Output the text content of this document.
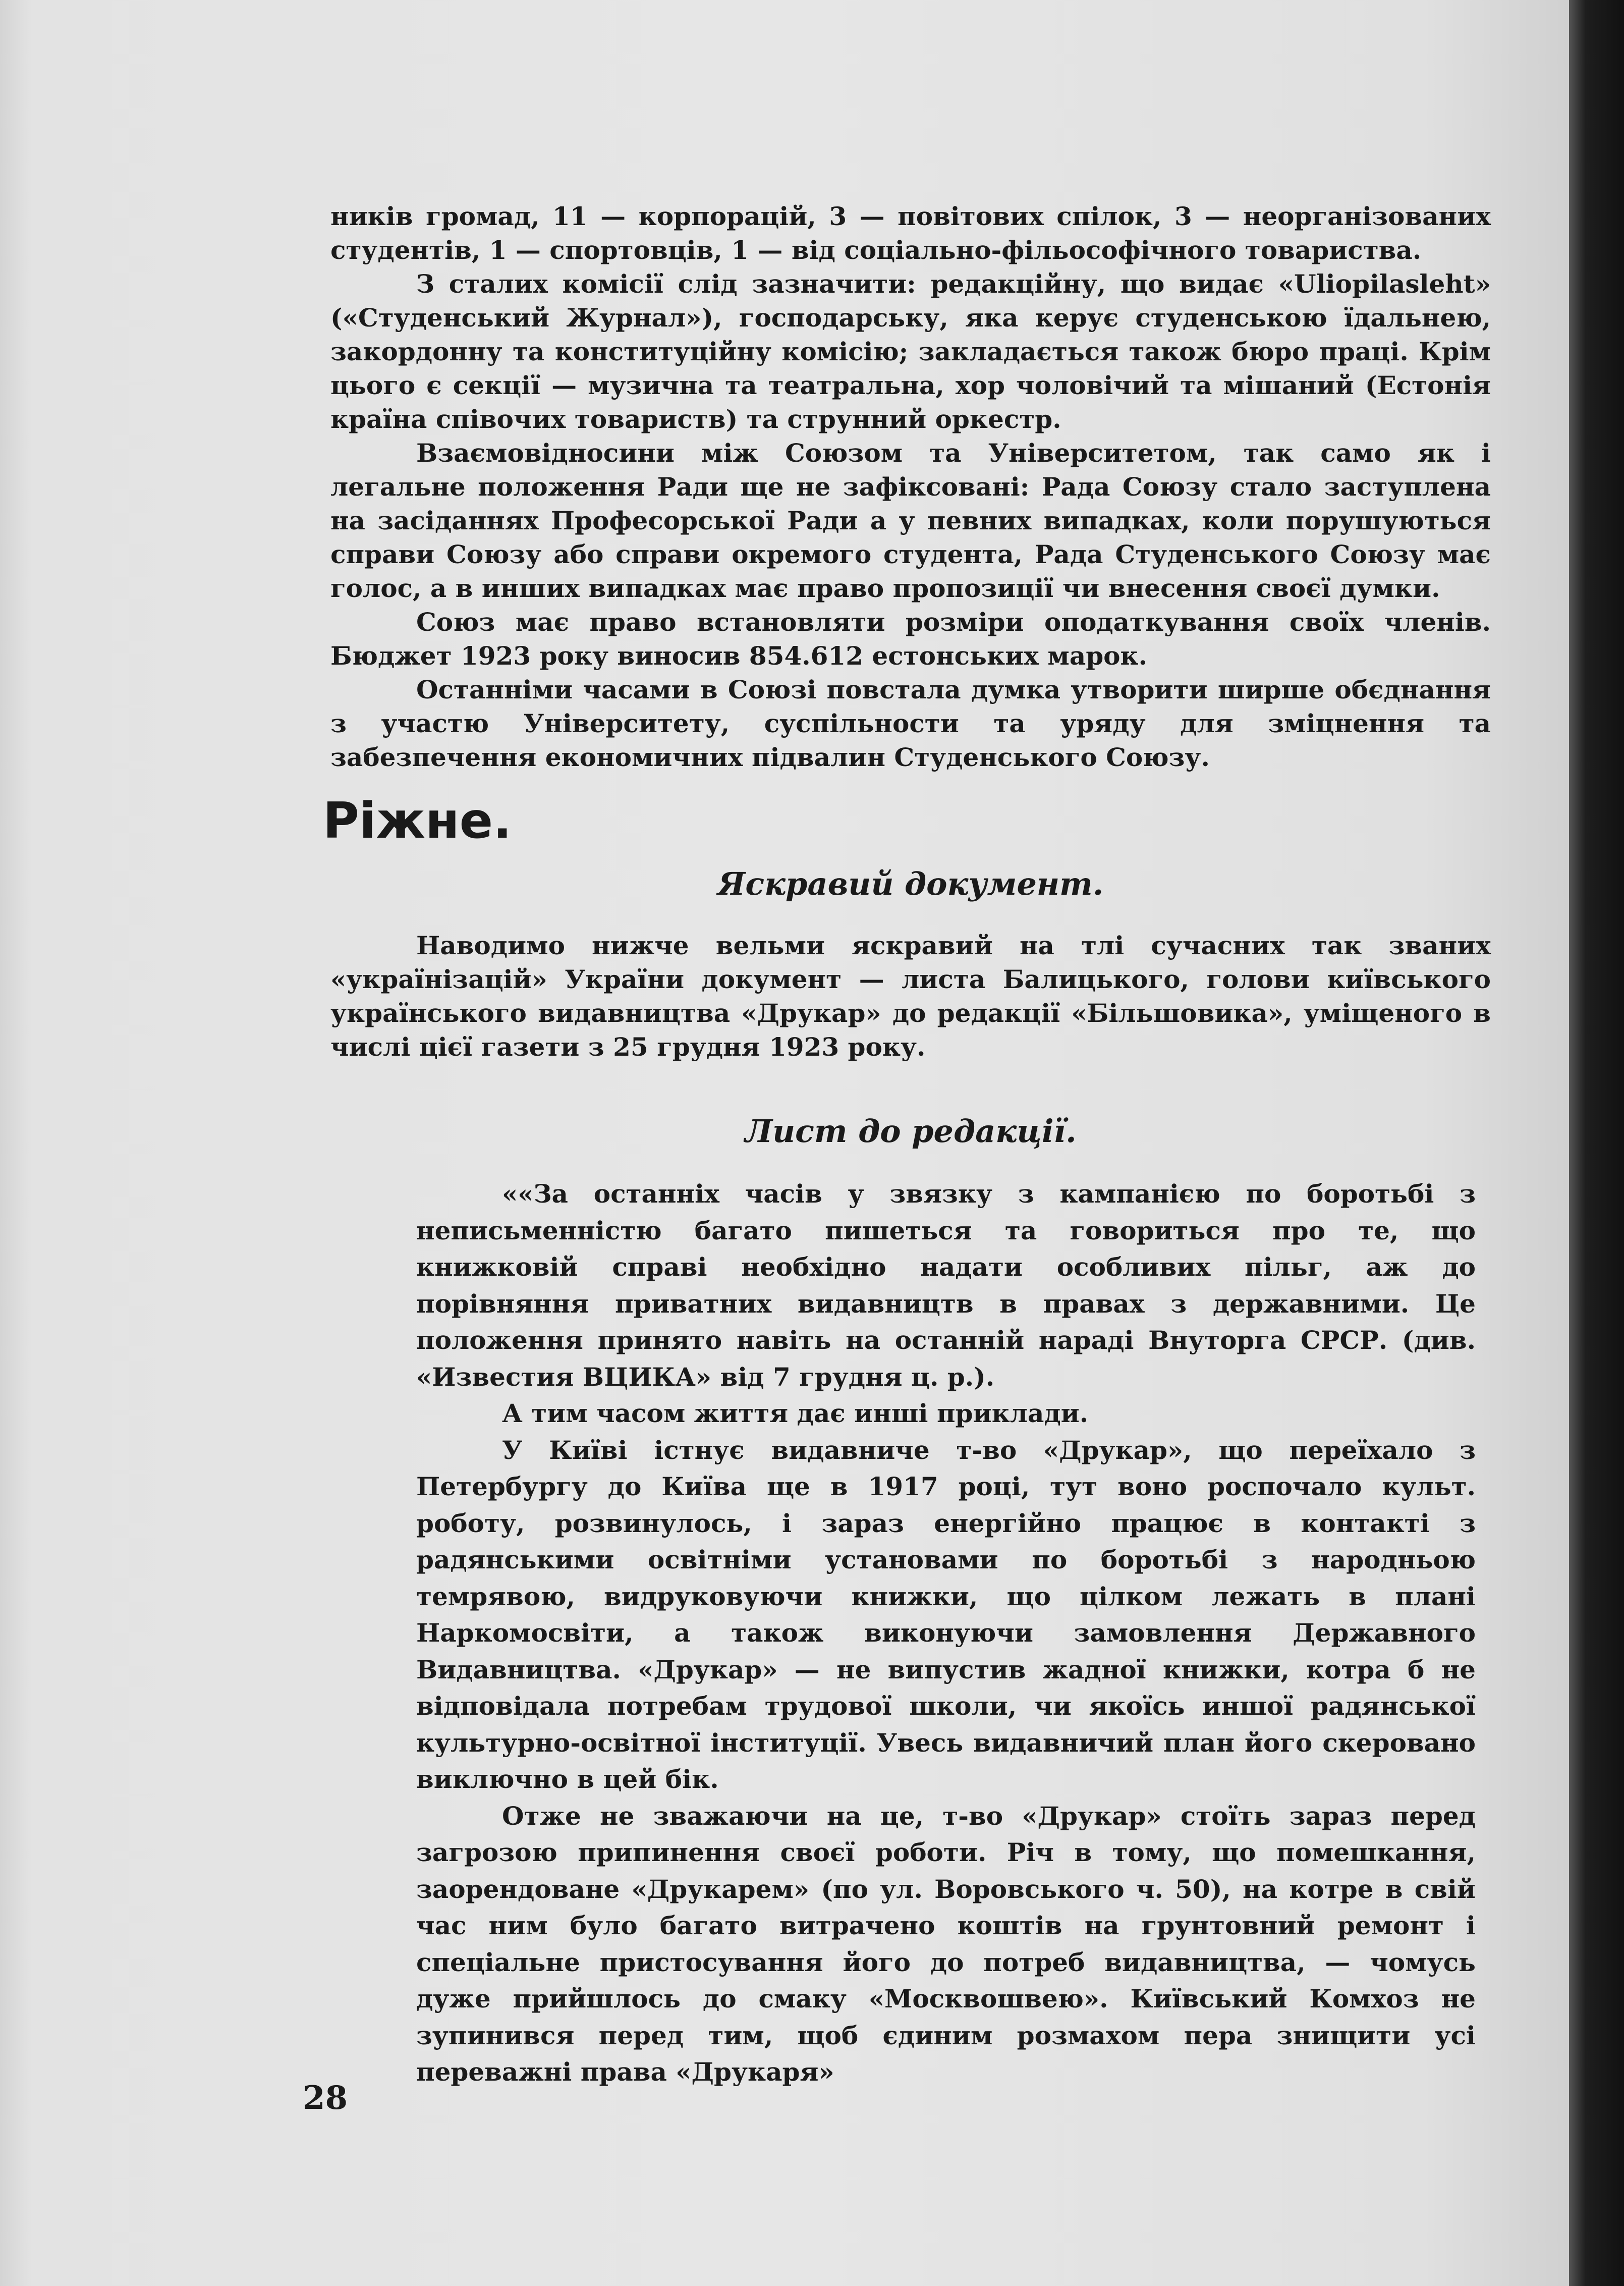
ників громад, 11 — корпорацій, 3 — повітових спілок, 3 — неорганізованих студентів, 1 — спортовців, 1 — від соціально-фільософічного товариства.

З сталих комісії слід зазначити: редакційну, що видає «Uliopilasleht» («Студенський Журнал»), господарську, яка керує студенською їдальнею, закордонну та конституційну комісію; закладається також бюро праці. Крім цього є секції — музична та театральна, хор чоловічий та мішаний (Естонія країна співочих товариств) та струнний оркестр.

Взаємовідносини між Союзом та Університетом, так само як і легальне положення Ради ще не зафіксовані: Рада Союзу стало заступлена на засіданнях Професорської Ради а у певних випадках, коли порушуються справи Союзу або справи окремого студента, Рада Студенського Союзу має голос, а в инших випадках має право пропозиції чи внесення своєї думки.

Союз має право встановляти розміри оподаткування своїх членів. Бюджет 1923 року виносив 854.612 естонських марок.

Останніми часами в Союзі повстала думка утворити ширше обєднання з участю Університету, суспільности та уряду для зміцнення та забезпечення економичних підвалин Студенського Союзу.

Ріжне.
Яскравий документ.

Наводимо нижче вельми яскравий на тлі сучасних так званих «українізацій» України документ — листа Балицького, голови київського українського видавництва «Друкар» до редакції «Більшовика», уміщеного в числі цієї газети з 25 грудня 1923 року.

Лист до редакції.

««За останніх часів у звязку з кампанією по боротьбі з неписьменністю багато пишеться та говориться про те, що книжковій справі необхідно надати особливих пільг, аж до порівняння приватних видавництв в правах з державними. Це положення принято навіть на останній нараді Внуторга СРСР. (див. «Известия ВЦИКА» від 7 грудня ц. р.).

А тим часом життя дає инші приклади.

У Київі істнує видавниче т-во «Друкар», що переїхало з Петербургу до Київа ще в 1917 році, тут воно роспочало культ. роботу, розвинулось, і зараз енергійно працює в контакті з радянськими освітніми установами по боротьбі з народньою темрявою, видруковуючи книжки, що цілком лежать в плані Наркомосвіти, а також виконуючи замовлення Державного Видавництва. «Друкар» — не випустив жадної книжки, котра б не відповідала потребам трудової школи, чи якоїсь иншої радянської культурно-освітної інституції. Увесь видавничий план його скеровано виключно в цей бік.

Отже не зважаючи на це, т-во «Друкар» стоїть зараз перед загрозою припинення своєї роботи. Річ в тому, що помешкання, заорендоване «Друкарем» (по ул. Воровського ч. 50), на котре в свій час ним було багато витрачено коштів на грунтовний ремонт і спеціальне пристосування його до потреб видавництва, — чомусь дуже прийшлось до смаку «Москвошвею». Київський Комхоз не зупинився перед тим, щоб єдиним розмахом пера знищити усі переважні права «Друкаря»

28
